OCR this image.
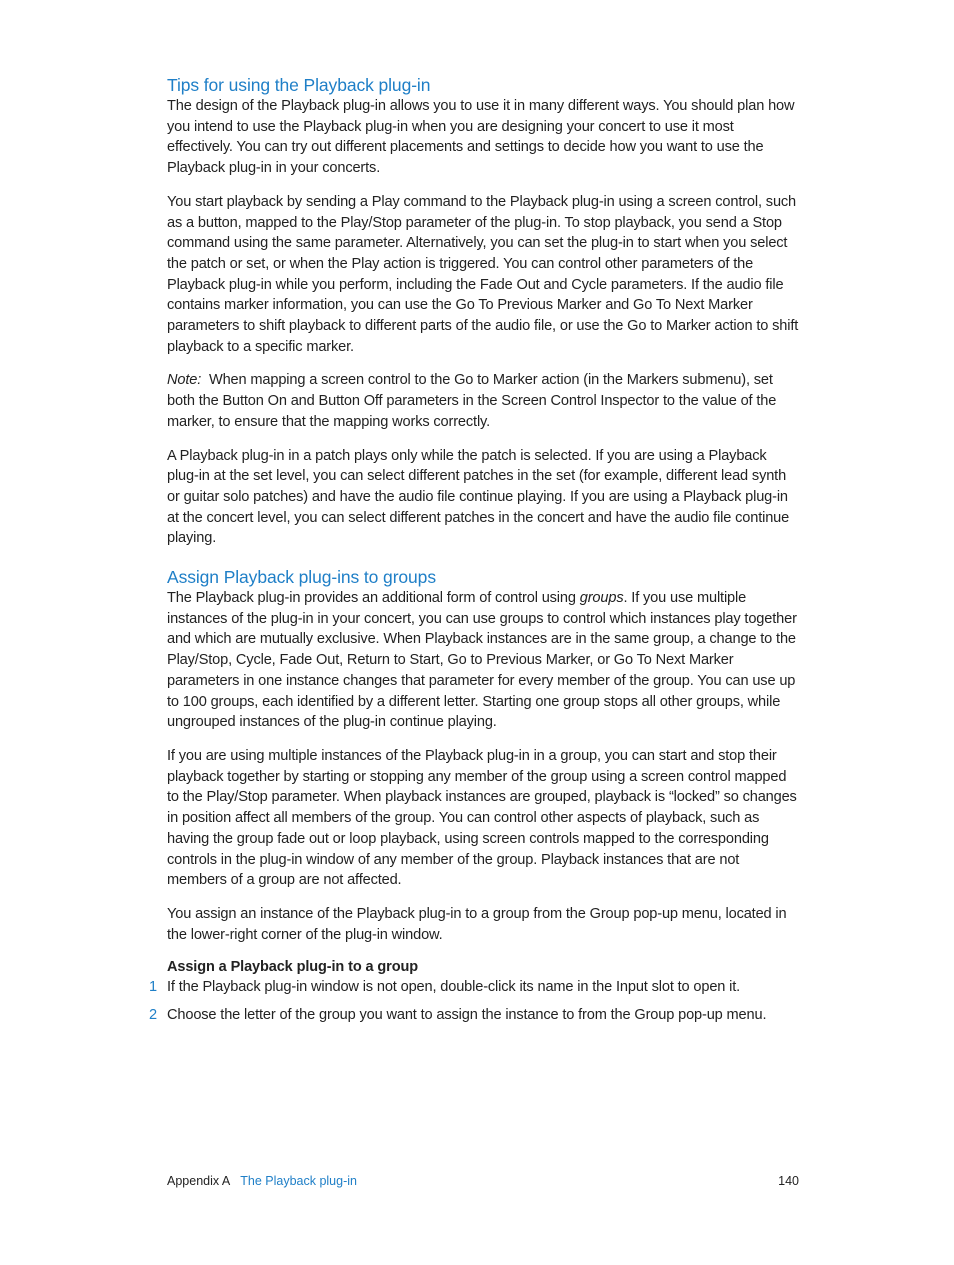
Tips for using the Playback plug-in

The design of the Playback plug-in allows you to use it in many different ways. You should plan how you intend to use the Playback plug-in when you are designing your concert to use it most effectively. You can try out different placements and settings to decide how you want to use the Playback plug-in in your concerts.

You start playback by sending a Play command to the Playback plug-in using a screen control, such as a button, mapped to the Play/Stop parameter of the plug-in. To stop playback, you send a Stop command using the same parameter. Alternatively, you can set the plug-in to start when you select the patch or set, or when the Play action is triggered. You can control other parameters of the Playback plug-in while you perform, including the Fade Out and Cycle parameters. If the audio file contains marker information, you can use the Go To Previous Marker and Go To Next Marker parameters to shift playback to different parts of the audio file, or use the Go to Marker action to shift playback to a specific marker.

Note: When mapping a screen control to the Go to Marker action (in the Markers submenu), set both the Button On and Button Off parameters in the Screen Control Inspector to the value of the marker, to ensure that the mapping works correctly.

A Playback plug-in in a patch plays only while the patch is selected. If you are using a Playback plug-in at the set level, you can select different patches in the set (for example, different lead synth or guitar solo patches) and have the audio file continue playing. If you are using a Playback plug-in at the concert level, you can select different patches in the concert and have the audio file continue playing.

Assign Playback plug-ins to groups

The Playback plug-in provides an additional form of control using groups. If you use multiple instances of the plug-in in your concert, you can use groups to control which instances play together and which are mutually exclusive. When Playback instances are in the same group, a change to the Play/Stop, Cycle, Fade Out, Return to Start, Go to Previous Marker, or Go To Next Marker parameters in one instance changes that parameter for every member of the group. You can use up to 100 groups, each identified by a different letter. Starting one group stops all other groups, while ungrouped instances of the plug-in continue playing.

If you are using multiple instances of the Playback plug-in in a group, you can start and stop their playback together by starting or stopping any member of the group using a screen control mapped to the Play/Stop parameter. When playback instances are grouped, playback is “locked” so changes in position affect all members of the group. You can control other aspects of playback, such as having the group fade out or loop playback, using screen controls mapped to the corresponding controls in the plug-in window of any member of the group. Playback instances that are not members of a group are not affected.

You assign an instance of the Playback plug-in to a group from the Group pop-up menu, located in the lower-right corner of the plug-in window.

Assign a Playback plug-in to a group

1 If the Playback plug-in window is not open, double-click its name in the Input slot to open it.

2 Choose the letter of the group you want to assign the instance to from the Group pop-up menu.

Appendix A The Playback plug-in	140
